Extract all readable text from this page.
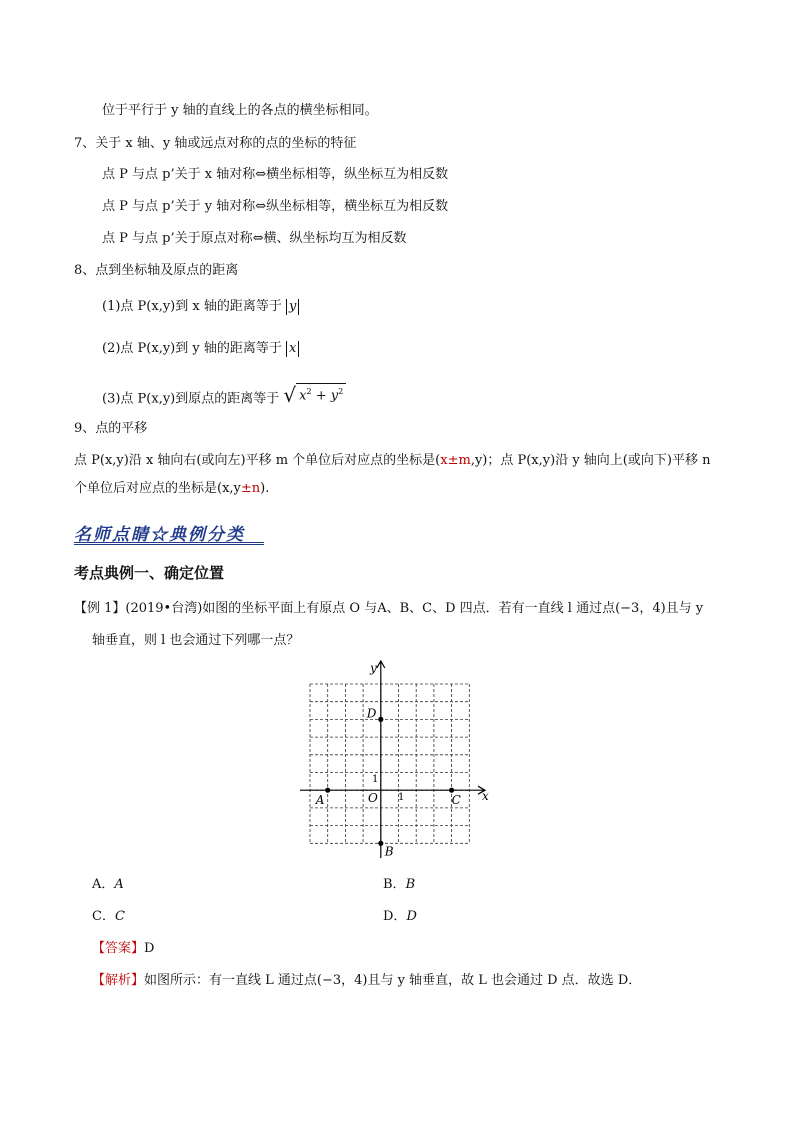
位于平行于 y 轴的直线上的各点的横坐标相同。
7、关于 x 轴、y 轴或远点对称的点的坐标的特征
点 P 与点 p’关于 x 轴对称⇔横坐标相等，纵坐标互为相反数
点 P 与点 p’关于 y 轴对称⇔纵坐标相等，横坐标互为相反数
点 P 与点 p’关于原点对称⇔横、纵坐标均互为相反数
8、点到坐标轴及原点的距离
(1)点 P(x,y)到 x 轴的距离等于 y
(2)点 P(x,y)到 y 轴的距离等于 x
(3)点 P(x,y)到原点的距离等于 √ $x^2 + y^2$
9、点的平移
点 P(x,y)沿 x 轴向右(或向左)平移 m 个单位后对应点的坐标是(x±m,y)；点 P(x,y)沿 y 轴向上(或向下)平移 n
个单位后对应点的坐标是(x,y±n).
名师点睛☆典例分类
考点典例一、确定位置
【例 1】(2019•台湾)如图的坐标平面上有原点 O 与A、B、C、D 四点．若有一直线 l 通过点(−3，4)且与 y
轴垂直，则 l 也会通过下列哪一点？
A
B
C
D
y
x
O 1
1
A．A	B．B
C．C	D．D
【答案】D
【解析】如图所示：有一直线 L 通过点(−3，4)且与 y 轴垂直，故 L 也会通过 D 点．故选 D．
